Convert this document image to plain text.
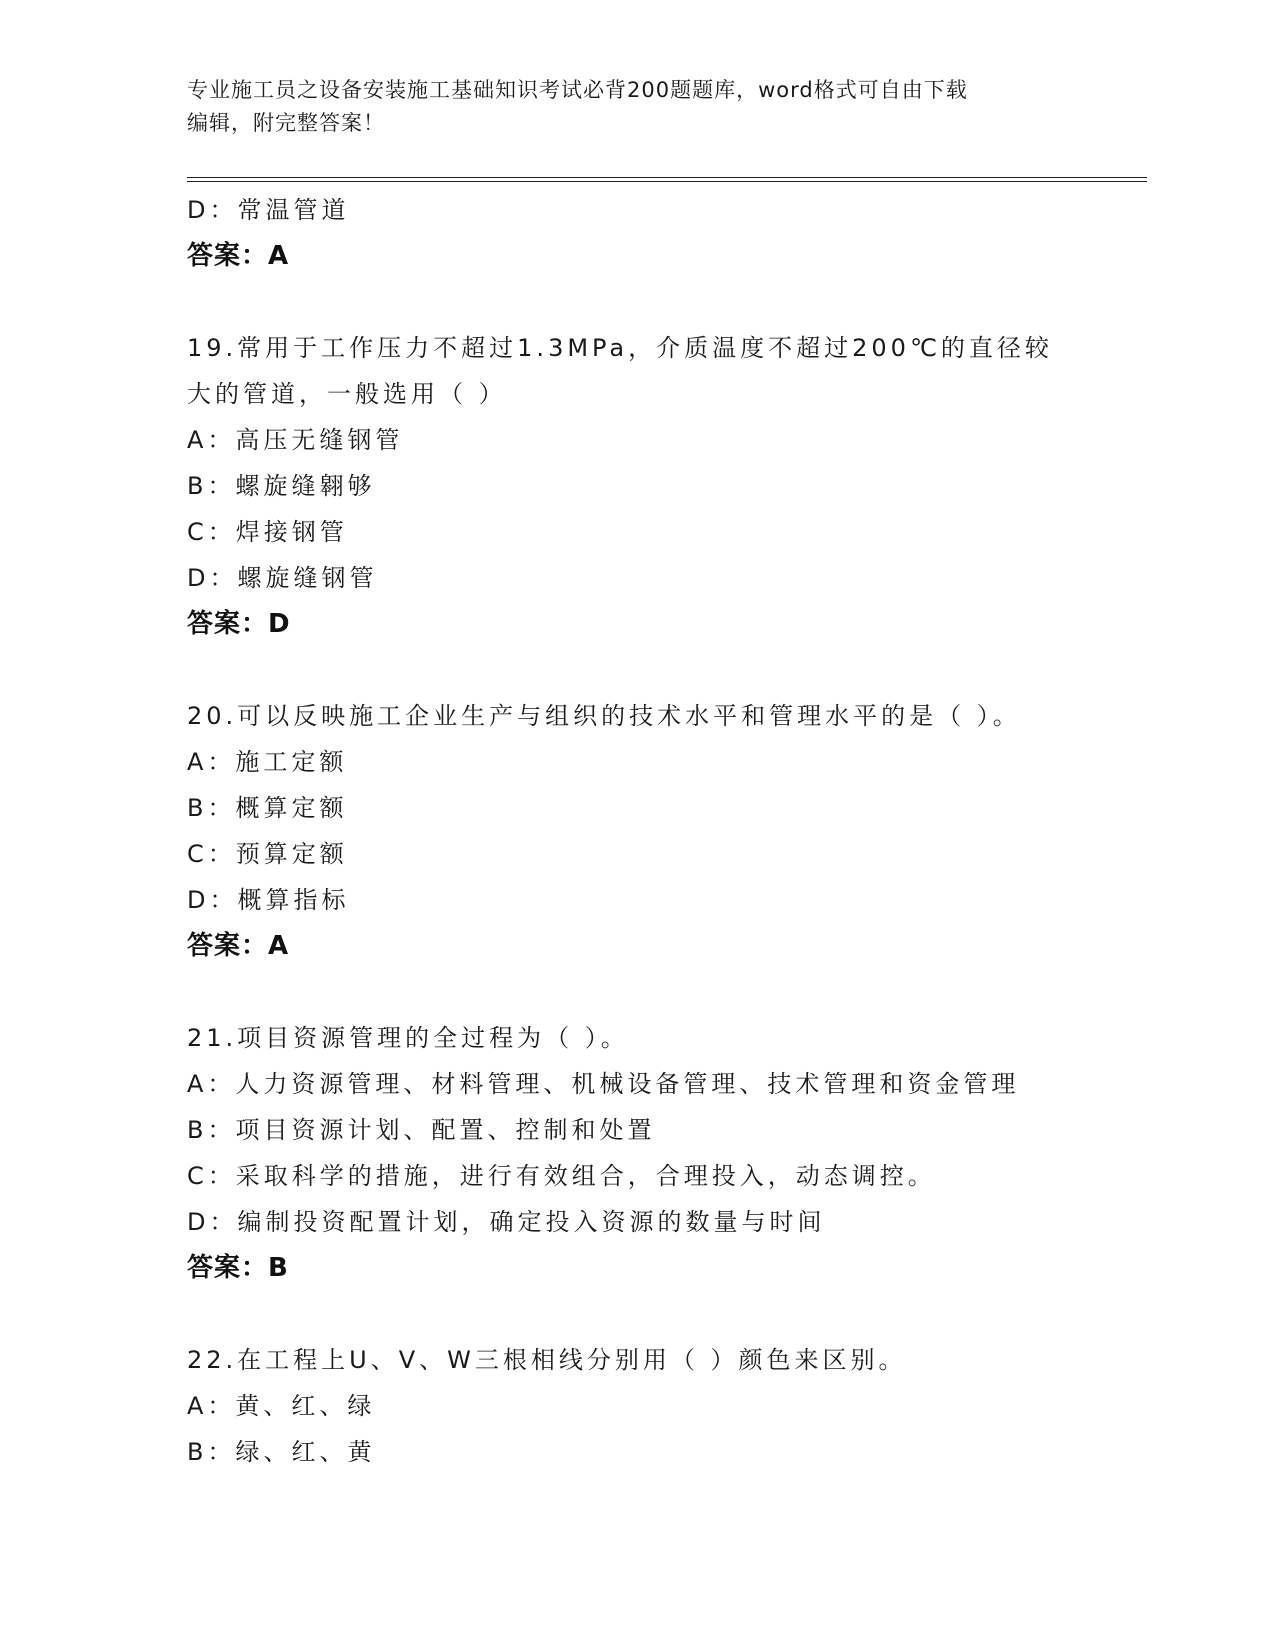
专业施工员之设备安装施工基础知识考试必背200题题库，word格式可自由下载
编辑，附完整答案！
D：常温管道
答案：A
19.常用于工作压力不超过1.3MPa，介质温度不超过200℃的直径较大的管道，一般选用（ ）
A：高压无缝钢管
B：螺旋缝翱够
C：焊接钢管
D：螺旋缝钢管
答案：D
20.可以反映施工企业生产与组织的技术水平和管理水平的是（ ）。
A：施工定额
B：概算定额
C：预算定额
D：概算指标
答案：A
21.项目资源管理的全过程为（ ）。
A：人力资源管理、材料管理、机械设备管理、技术管理和资金管理
B：项目资源计划、配置、控制和处置
C：采取科学的措施，进行有效组合，合理投入，动态调控。
D：编制投资配置计划，确定投入资源的数量与时间
答案：B
22.在工程上U、V、W三根相线分别用（ ）颜色来区别。
A：黄、红、绿
B：绿、红、黄
